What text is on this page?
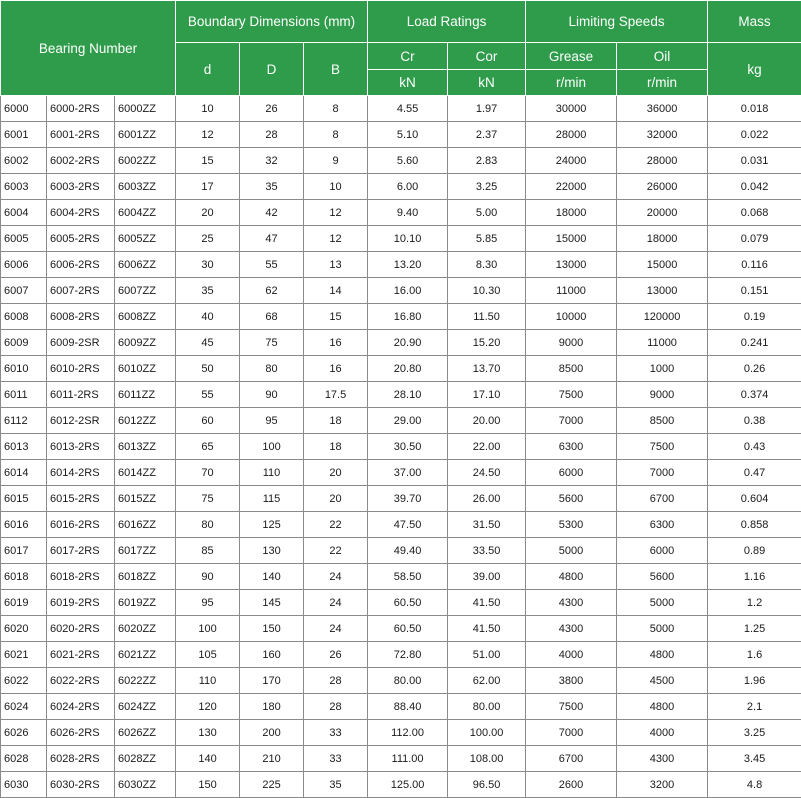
Bearing Number			Boundary Dimensions (mm)			Load Ratings		Limiting Speeds		Mass
			d	D	B	Cr	Cor	Grease	Oil	kg
						kN	kN	r/min	r/min	
6000	6000-2RS	6000ZZ	10	26	8	4.55	1.97	30000	36000	0.018
6001	6001-2RS	6001ZZ	12	28	8	5.10	2.37	28000	32000	0.022
6002	6002-2RS	6002ZZ	15	32	9	5.60	2.83	24000	28000	0.031
6003	6003-2RS	6003ZZ	17	35	10	6.00	3.25	22000	26000	0.042
6004	6004-2RS	6004ZZ	20	42	12	9.40	5.00	18000	20000	0.068
6005	6005-2RS	6005ZZ	25	47	12	10.10	5.85	15000	18000	0.079
6006	6006-2RS	6006ZZ	30	55	13	13.20	8.30	13000	15000	0.116
6007	6007-2RS	6007ZZ	35	62	14	16.00	10.30	11000	13000	0.151
6008	6008-2RS	6008ZZ	40	68	15	16.80	11.50	10000	120000	0.19
6009	6009-2SR	6009ZZ	45	75	16	20.90	15.20	9000	11000	0.241
6010	6010-2RS	6010ZZ	50	80	16	20.80	13.70	8500	1000	0.26
6011	6011-2RS	6011ZZ	55	90	17.5	28.10	17.10	7500	9000	0.374
6112	6012-2SR	6012ZZ	60	95	18	29.00	20.00	7000	8500	0.38
6013	6013-2RS	6013ZZ	65	100	18	30.50	22.00	6300	7500	0.43
6014	6014-2RS	6014ZZ	70	110	20	37.00	24.50	6000	7000	0.47
6015	6015-2RS	6015ZZ	75	115	20	39.70	26.00	5600	6700	0.604
6016	6016-2RS	6016ZZ	80	125	22	47.50	31.50	5300	6300	0.858
6017	6017-2RS	6017ZZ	85	130	22	49.40	33.50	5000	6000	0.89
6018	6018-2RS	6018ZZ	90	140	24	58.50	39.00	4800	5600	1.16
6019	6019-2RS	6019ZZ	95	145	24	60.50	41.50	4300	5000	1.2
6020	6020-2RS	6020ZZ	100	150	24	60.50	41.50	4300	5000	1.25
6021	6021-2RS	6021ZZ	105	160	26	72.80	51.00	4000	4800	1.6
6022	6022-2RS	6022ZZ	110	170	28	80.00	62.00	3800	4500	1.96
6024	6024-2RS	6024ZZ	120	180	28	88.40	80.00	7500	4800	2.1
6026	6026-2RS	6026ZZ	130	200	33	112.00	100.00	7000	4000	3.25
6028	6028-2RS	6028ZZ	140	210	33	111.00	108.00	6700	4300	3.45
6030	6030-2RS	6030ZZ	150	225	35	125.00	96.50	2600	3200	4.8
